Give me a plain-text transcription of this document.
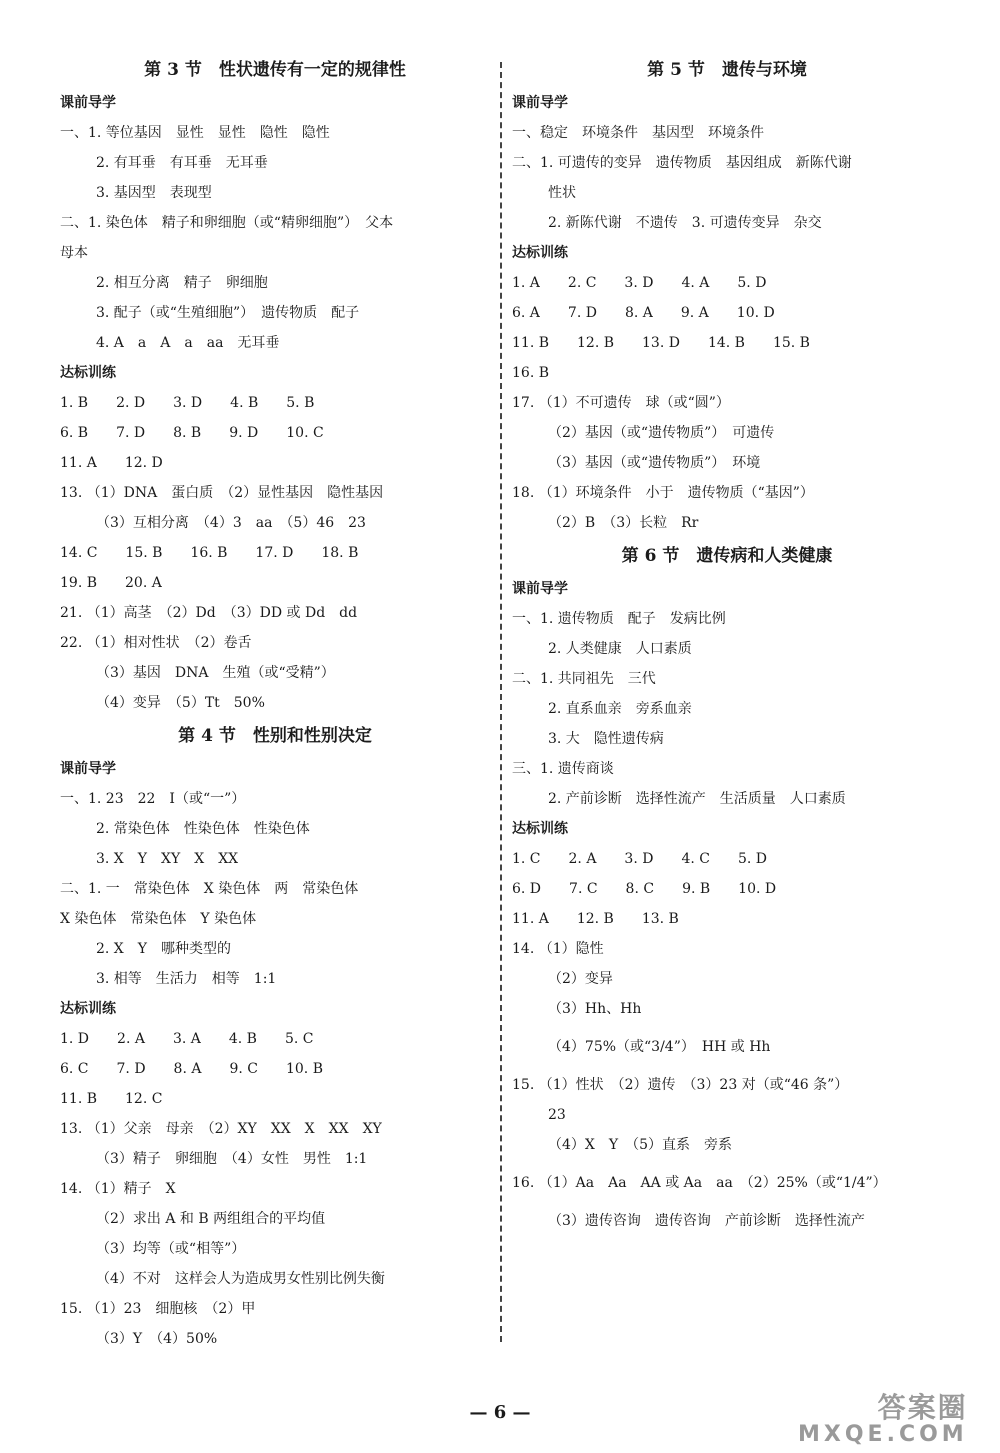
第 3 节　性状遗传有一定的规律性
课前导学
一、1. 等位基因　显性　显性　隐性　隐性
2. 有耳垂　有耳垂　无耳垂
3. 基因型　表现型
二、1. 染色体　精子和卵细胞（或“精卵细胞”）　父本
母本
2. 相互分离　精子　卵细胞
3. 配子（或“生殖细胞”）　遗传物质　配子
4. A　a　A　a　aa　无耳垂
达标训练
1. B　　2. D　　3. D　　4. B　　5. B
6. B　　7. D　　8. B　　9. D　　10. C
11. A　　12. D
13. （1）DNA　蛋白质　（2）显性基因　隐性基因
（3）互相分离　（4）3　aa　（5）46　23
14. C　　15. B　　16. B　　17. D　　18. B
19. B　　20. A
21. （1）高茎　（2）Dd　（3）DD 或 Dd　dd
22. （1）相对性状　（2）卷舌
（3）基因　DNA　生殖（或“受精”）
（4）变异　（5）Tt　50%
第 4 节　性别和性别决定
课前导学
一、1. 23　22　I（或“一”）
2. 常染色体　性染色体　性染色体
3. X　Y　XY　X　XX
二、1. 一　常染色体　X 染色体　两　常染色体
X 染色体　常染色体　Y 染色体
2. X　Y　哪种类型的
3. 相等　生活力　相等　1:1
达标训练
1. D　　2. A　　3. A　　4. B　　5. C
6. C　　7. D　　8. A　　9. C　　10. B
11. B　　12. C
13. （1）父亲　母亲　（2）XY　XX　X　XX　XY
（3）精子　卵细胞　（4）女性　男性　1:1
14. （1）精子　X
（2）求出 A 和 B 两组组合的平均值
（3）均等（或“相等”）
（4）不对　这样会人为造成男女性别比例失衡
15. （1）23　细胞核　（2）甲
（3）Y　（4）50%
第 5 节　遗传与环境
课前导学
一、稳定　环境条件　基因型　环境条件
二、1. 可遗传的变异　遗传物质　基因组成　新陈代谢
性状
2. 新陈代谢　不遗传　3. 可遗传变异　杂交
达标训练
1. A　　2. C　　3. D　　4. A　　5. D
6. A　　7. D　　8. A　　9. A　　10. D
11. B　　12. B　　13. D　　14. B　　15. B
16. B
17. （1）不可遗传　球（或“圆”）
（2）基因（或“遗传物质”）　可遗传
（3）基因（或“遗传物质”）　环境
18. （1）环境条件　小于　遗传物质（“基因”）
（2）B　（3）长粒　Rr
第 6 节　遗传病和人类健康
课前导学
一、1. 遗传物质　配子　发病比例
2. 人类健康　人口素质
二、1. 共同祖先　三代
2. 直系血亲　旁系血亲
3. 大　隐性遗传病
三、1. 遗传商谈
2. 产前诊断　选择性流产　生活质量　人口素质
达标训练
1. C　　2. A　　3. D　　4. C　　5. D
6. D　　7. C　　8. C　　9. B　　10. D
11. A　　12. B　　13. B
14. （1）隐性
（2）变异
（3）Hh、Hh
（4）75%（或“3/4”）　HH 或 Hh
15. （1）性状　（2）遗传　（3）23 对（或“46 条”）
23
（4）X　Y　（5）直系　旁系
16. （1）Aa　Aa　AA 或 Aa　aa　（2）25%（或“1/4”）
（3）遗传咨询　遗传咨询　产前诊断　选择性流产
— 6 —	答案圈
MXQE.COM
